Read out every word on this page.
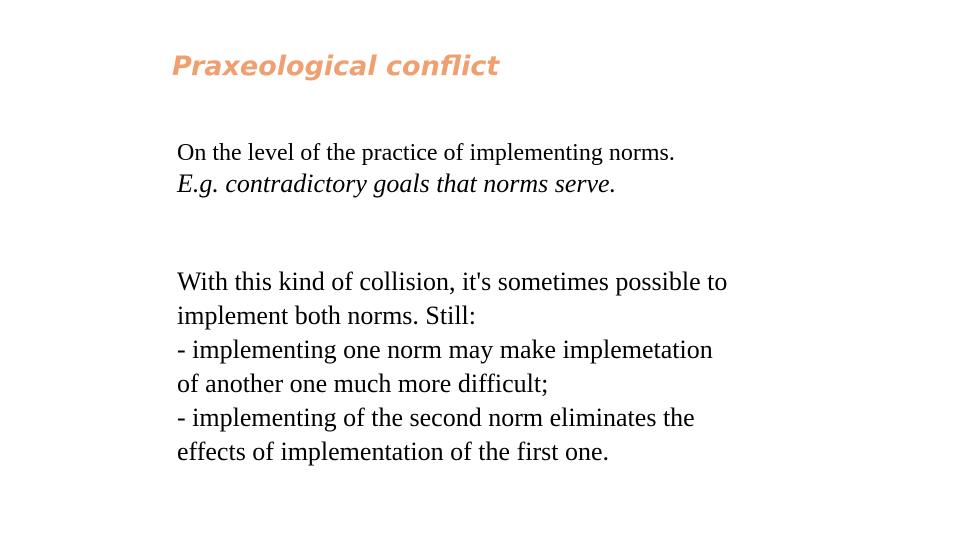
Praxeological conflict
On the level of the practice of implementing norms.
E.g. contradictory goals that norms serve.
With this kind of collision, it's sometimes possible to
implement both norms. Still:
- implementing one norm may make implemetation
of another one much more difficult;
- implementing of the second norm eliminates the
effects of implementation of the first one.
